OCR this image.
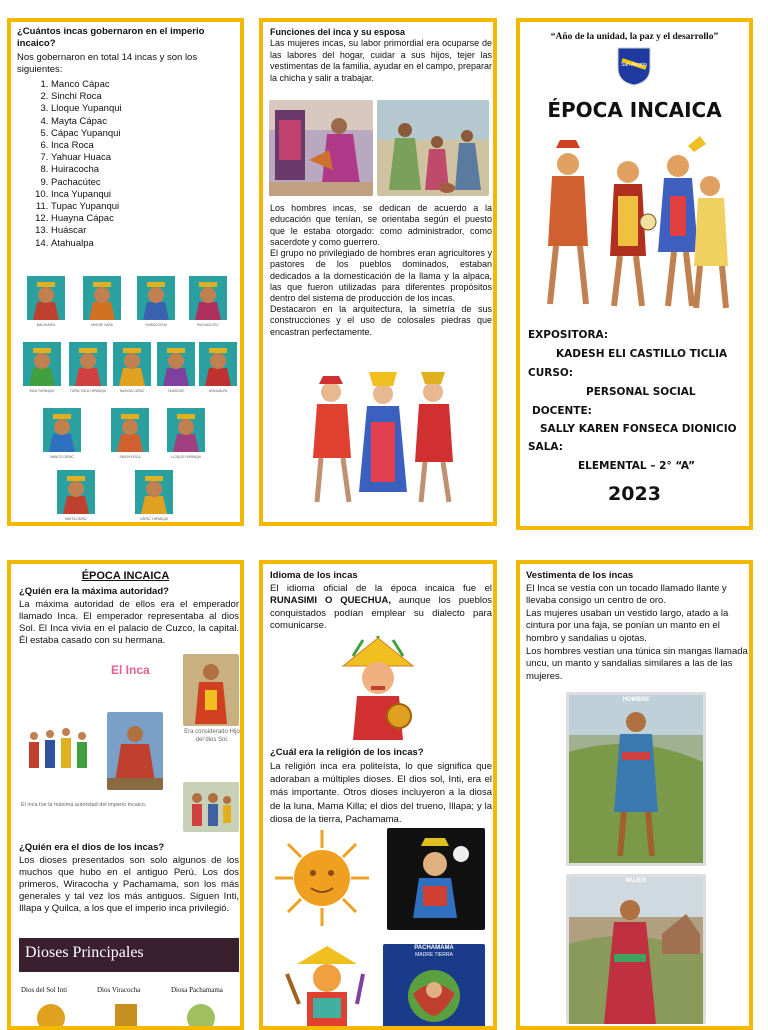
¿Cuántos incas gobernaron en el imperio incaico?
Nos gobernaron en total 14 incas y son los siguientes:
1. Manco Cápac
2. Sinchi Roca
3. Lloque Yupanqui
4. Mayta Cápac
5. Cápac Yupanqui
6. Inca Roca
7. Yahuar Huaca
8. Huiracocha
9. Pachacútec
10. Inca Yupanqui
11. Tupac Yupanqui
12. Huayna Cápac
13. Huáscar
14. Atahualpa
MACHUNGA	HINCHE SARA	HUIRACOCHA	PACHACUTEC
INCA YUPANQUI	TUPAC INCA YUPANQUI	HUAYNA CÁPAC	HUÁSCAR	ATAHUALPA
MANCO CÁPAC	SINCHI ROCA	LLOQUE YUPANQUI
MAYTA CÁPAC	CÁPAC YUPANQUI
Funciones del inca y su esposa
Las mujeres incas, su labor primordial era ocuparse de las labores del hogar, cuidar a sus hijos, tejer las vestimentas de la familia, ayudar en el campo, preparar la chicha y salir a trabajar.
Los hombres incas, se dedican de acuerdo a la educación que tenían, se orientaba según el puesto que le estaba otorgado: como administrador, como sacerdote y como guerrero.
El grupo no privilegiado de hombres eran agricultores y pastores de los pueblos dominados, estaban dedicados a la domesticación de la llama y la alpaca, las que fueron utilizadas para diferentes propósitos dentro del sistema de producción de los incas.
Destacaron en la arquitectura, la simetría de sus construcciones y el uso de colosales piedras que encastran perfectamente.
“Año de la unidad, la paz y el desarrollo”
San Alegría
ÉPOCA INCAICA
EXPOSITORA:
KADESH ELI CASTILLO TICLIA
CURSO:
PERSONAL SOCIAL
DOCENTE:
SALLY KAREN FONSECA DIONICIO
SALA:
ELEMENTAL – 2° “A”
2023
ÉPOCA INCAICA
¿Quién era la máxima autoridad?
La máxima autoridad de ellos era el emperador llamado Inca. El emperador representaba al dios Sol. El Inca vivía en el palacio de Cuzco, la capital. Él estaba casado con su hermana.
El Inca
Era considerado Hijo del dios Sol.
El inca fue la máxima autoridad del imperio incaico.
¿Quién era el dios de los incas?
Los dioses presentados son solo algunos de los muchos que hubo en el antiguo Perú. Los dos primeros, Wiracocha y Pachamama, son los más generales y tal vez los más antiguos. Siguen Inti, Illapa y Quilca, a los que el imperio inca privilegió.
Dioses Principales
Dios del Sol Inti	Dios Viracocha	Diosa Pachamama
Idioma de los incas
El idioma oficial de la época incaica fue el RUNASIMI O QUECHUA, aunque los pueblos conquistados podían emplear su dialecto para comunicarse.
¿Cuál era la religión de los incas?
La religión inca era politeísta, lo que significa que adoraban a múltiples dioses. El dios sol, Inti, era el más importante. Otros dioses incluyeron a la diosa de la luna, Mama Killa; el dios del trueno, Illapa; y la diosa de la tierra, Pachamama.
PACHAMAMA
MADRE TIERRA
Vestimenta de los incas
El Inca se vestía con un tocado llamado llante y llevaba consigo un centro de oro.
Las mujeres usaban un vestido largo, atado a la cintura por una faja, se ponían un manto en el hombro y sandalias u ojotas.
Los hombres vestían una túnica sin mangas llamada uncu, un manto y sandalias similares a las de las mujeres.
HOMBRE
MUJER
